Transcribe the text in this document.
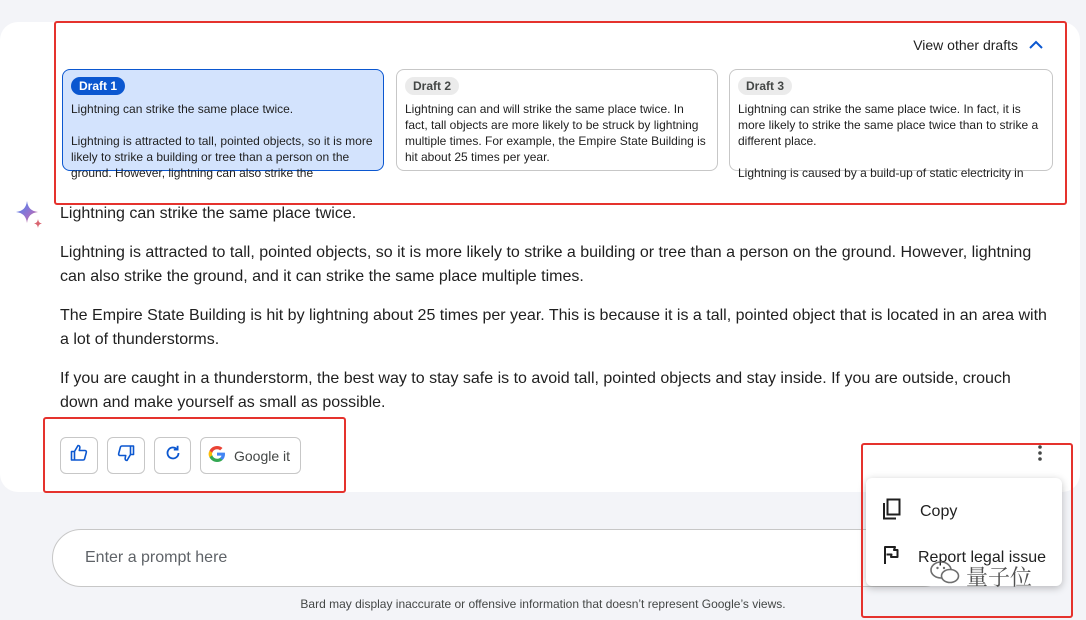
View other drafts
Draft 1

Lightning can strike the same place twice.

Lightning is attracted to tall, pointed objects, so it is more likely to strike a building or tree than a person on the ground. However, lightning can also strike the

Draft 2

Lightning can and will strike the same place twice. In fact, tall objects are more likely to be struck by lightning multiple times. For example, the Empire State Building is hit about 25 times per year.

Draft 3

Lightning can strike the same place twice. In fact, it is more likely to strike the same place twice than to strike a different place.

Lightning is caused by a build-up of static electricity in

Lightning can strike the same place twice.

Lightning is attracted to tall, pointed objects, so it is more likely to strike a building or tree than a person on the ground. However, lightning can also strike the ground, and it can strike the same place multiple times.

The Empire State Building is hit by lightning about 25 times per year. This is because it is a tall, pointed object that is located in an area with a lot of thunderstorms.

If you are caught in a thunderstorm, the best way to stay safe is to avoid tall, pointed objects and stay inside. If you are outside, crouch down and make yourself as small as possible.

Google it
Enter a prompt here
Copy
Report legal issue
Bard may display inaccurate or offensive information that doesn’t represent Google’s views.
量子位
